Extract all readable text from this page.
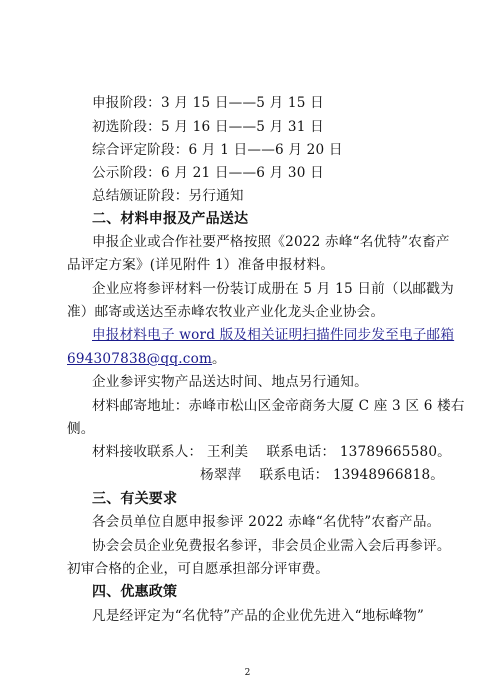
申报阶段：3 月 15 日——5 月 15 日
初选阶段：5 月 16 日——5 月 31 日
综合评定阶段：6 月 1 日——6 月 20 日
公示阶段：6 月 21 日——6 月 30 日
总结颁证阶段：另行通知
二、材料申报及产品送达
申报企业或合作社要严格按照《2022 赤峰“名优特”农畜产
品评定方案》(详见附件 1）准备申报材料。
企业应将参评材料一份装订成册在 5 月 15 日前（以邮戳为
准）邮寄或送达至赤峰农牧业产业化龙头企业协会。
申报材料电子 word 版及相关证明扫描件同步发至电子邮箱
694307838@qq.com。
企业参评实物产品送达时间、地点另行通知。
材料邮寄地址：赤峰市松山区金帝商务大厦 C 座 3 区 6 楼右
侧。
材料接收联系人： 王利美    联系电话： 13789665580。
杨翠萍    联系电话： 13948966818。
三、有关要求
各会员单位自愿申报参评 2022 赤峰“名优特”农畜产品。
协会会员企业免费报名参评，非会员企业需入会后再参评。
初审合格的企业，可自愿承担部分评审费。
四、优惠政策
凡是经评定为“名优特”产品的企业优先进入“地标峰物”
2
